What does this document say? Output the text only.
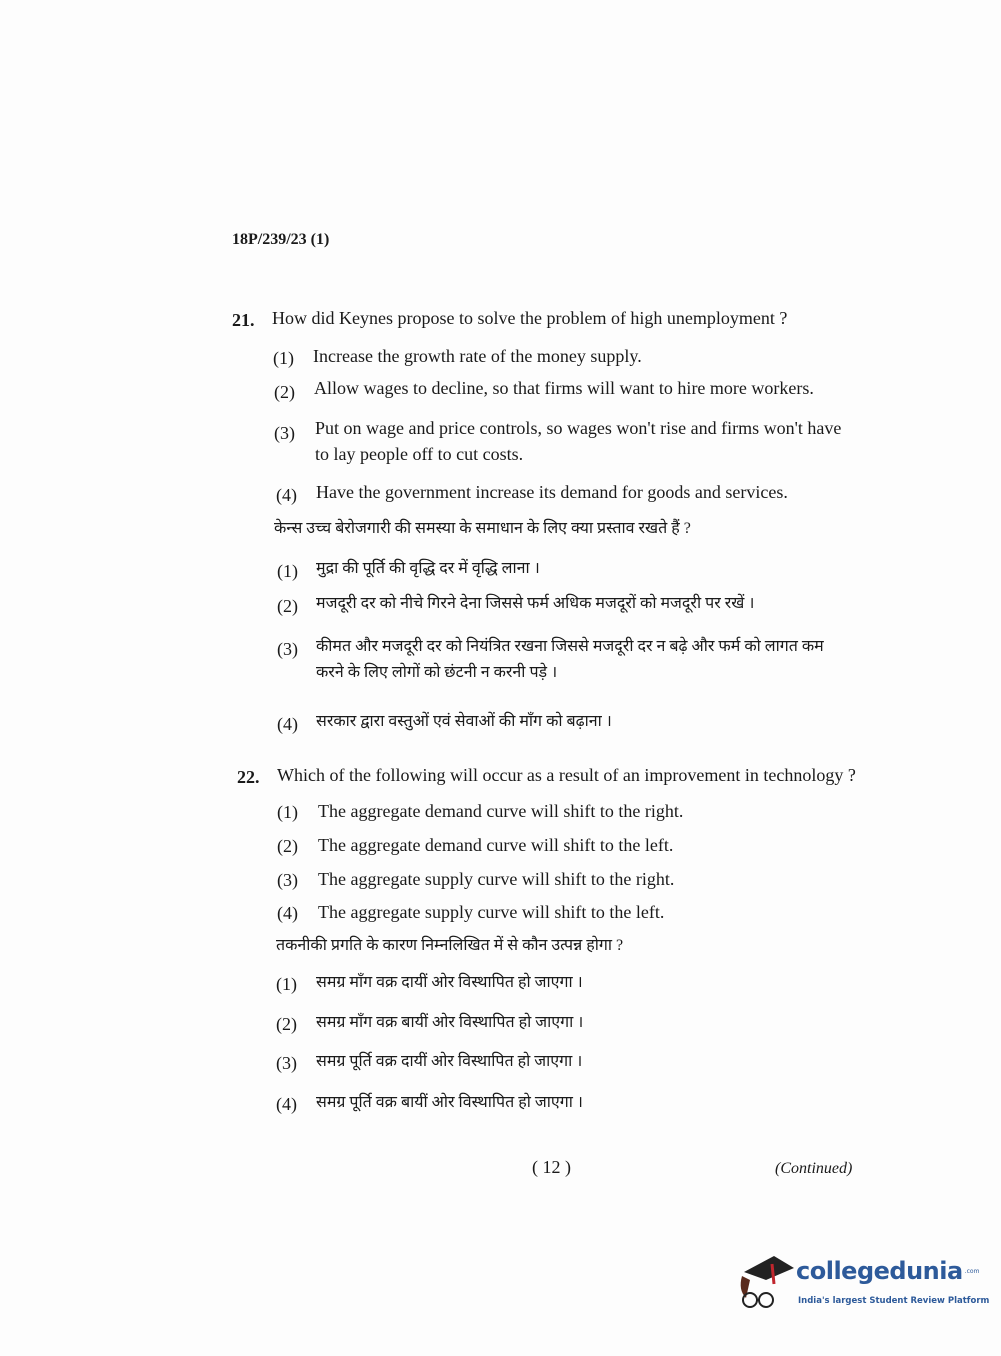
18P/239/23 (1)
21. How did Keynes propose to solve the problem of high unemployment ?
(1) Increase the growth rate of the money supply.
(2) Allow wages to decline, so that firms will want to hire more workers.
(3) Put on wage and price controls, so wages won't rise and firms won't have
to lay people off to cut costs.
(4) Have the government increase its demand for goods and services.
केन्स उच्च बेरोजगारी की समस्या के समाधान के लिए क्या प्रस्ताव रखते हैं ?
(1) मुद्रा की पूर्ति की वृद्धि दर में वृद्धि लाना ।
(2) मजदूरी दर को नीचे गिरने देना जिससे फर्म अधिक मजदूरों को मजदूरी पर रखें ।
(3) कीमत और मजदूरी दर को नियंत्रित रखना जिससे मजदूरी दर न बढ़े और फर्म को लागत कम
करने के लिए लोगों को छंटनी न करनी पड़े ।
(4) सरकार द्वारा वस्तुओं एवं सेवाओं की माँग को बढ़ाना ।
22. Which of the following will occur as a result of an improvement in technology ?
(1) The aggregate demand curve will shift to the right.
(2) The aggregate demand curve will shift to the left.
(3) The aggregate supply curve will shift to the right.
(4) The aggregate supply curve will shift to the left.
तकनीकी प्रगति के कारण निम्नलिखित में से कौन उत्पन्न होगा ?
(1) समग्र माँग वक्र दायीं ओर विस्थापित हो जाएगा ।
(2) समग्र माँग वक्र बायीं ओर विस्थापित हो जाएगा ।
(3) समग्र पूर्ति वक्र दायीं ओर विस्थापित हो जाएगा ।
(4) समग्र पूर्ति वक्र बायीं ओर विस्थापित हो जाएगा ।
( 12 )	(Continued)
collegedunia .com
India's largest Student Review Platform
